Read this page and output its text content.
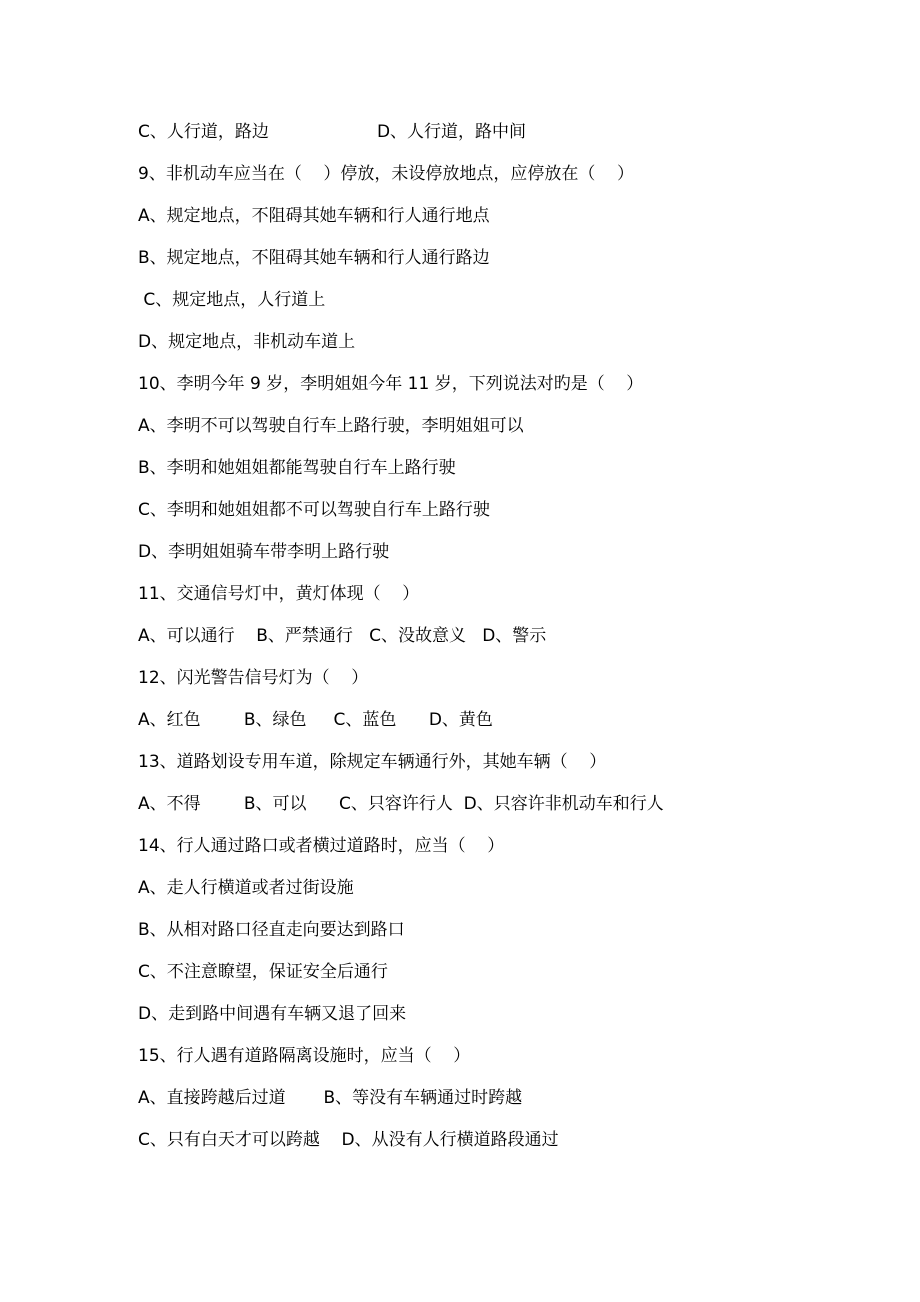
C、人行道，路边                    D、人行道，路中间
9、非机动车应当在（    ）停放，未设停放地点，应停放在（    ）
A、规定地点，不阻碍其她车辆和行人通行地点
B、规定地点，不阻碍其她车辆和行人通行路边
C、规定地点，人行道上
D、规定地点，非机动车道上
10、李明今年 9 岁，李明姐姐今年 11 岁，下列说法对旳是（    ）
A、李明不可以驾驶自行车上路行驶，李明姐姐可以
B、李明和她姐姐都能驾驶自行车上路行驶
C、李明和她姐姐都不可以驾驶自行车上路行驶
D、李明姐姐骑车带李明上路行驶
11、交通信号灯中，黄灯体现（    ）
A、可以通行    B、严禁通行   C、没故意义   D、警示
12、闪光警告信号灯为（    ）
A、红色        B、绿色     C、蓝色      D、黄色
13、道路划设专用车道，除规定车辆通行外，其她车辆（    ）
A、不得        B、可以      C、只容许行人  D、只容许非机动车和行人
14、行人通过路口或者横过道路时，应当（    ）
A、走人行横道或者过街设施
B、从相对路口径直走向要达到路口
C、不注意瞭望，保证安全后通行
D、走到路中间遇有车辆又退了回来
15、行人遇有道路隔离设施时，应当（    ）
A、直接跨越后过道       B、等没有车辆通过时跨越
C、只有白天才可以跨越    D、从没有人行横道路段通过
